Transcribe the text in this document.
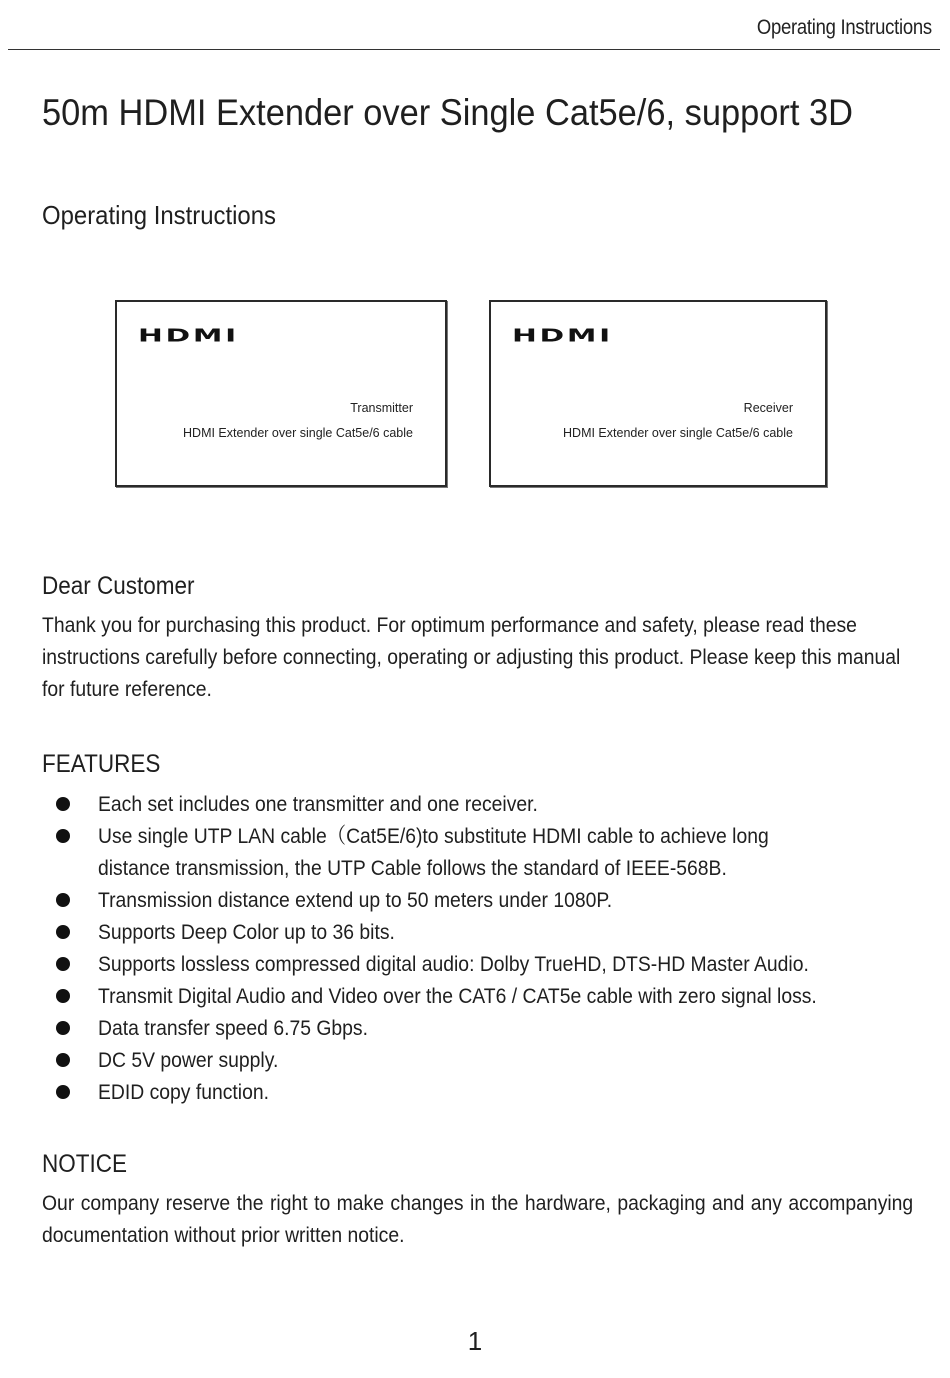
Operating Instructions
50m HDMI Extender over Single Cat5e/6, support 3D
Operating Instructions
HDMI
Transmitter
HDMI Extender over single Cat5e/6 cable
HDMI
Receiver
HDMI Extender over single Cat5e/6 cable
Dear Customer
Thank you for purchasing this product. For optimum performance and safety, please read these instructions carefully before connecting, operating or adjusting this product. Please keep this manual for future reference.
FEATURES
Each set includes one transmitter and one receiver.
Use single UTP LAN cable（Cat5E/6)to substitute HDMI cable to achieve long distance transmission, the UTP Cable follows the standard of IEEE-568B.
Transmission distance extend up to 50 meters under 1080P.
Supports Deep Color up to 36 bits.
Supports lossless compressed digital audio: Dolby TrueHD, DTS-HD Master Audio.
Transmit Digital Audio and Video over the CAT6 / CAT5e cable with zero signal loss.
Data transfer speed 6.75 Gbps.
DC 5V power supply.
EDID copy function.
NOTICE
Our company reserve the right to make changes in the hardware, packaging and any accompanying documentation without prior written notice.
1
